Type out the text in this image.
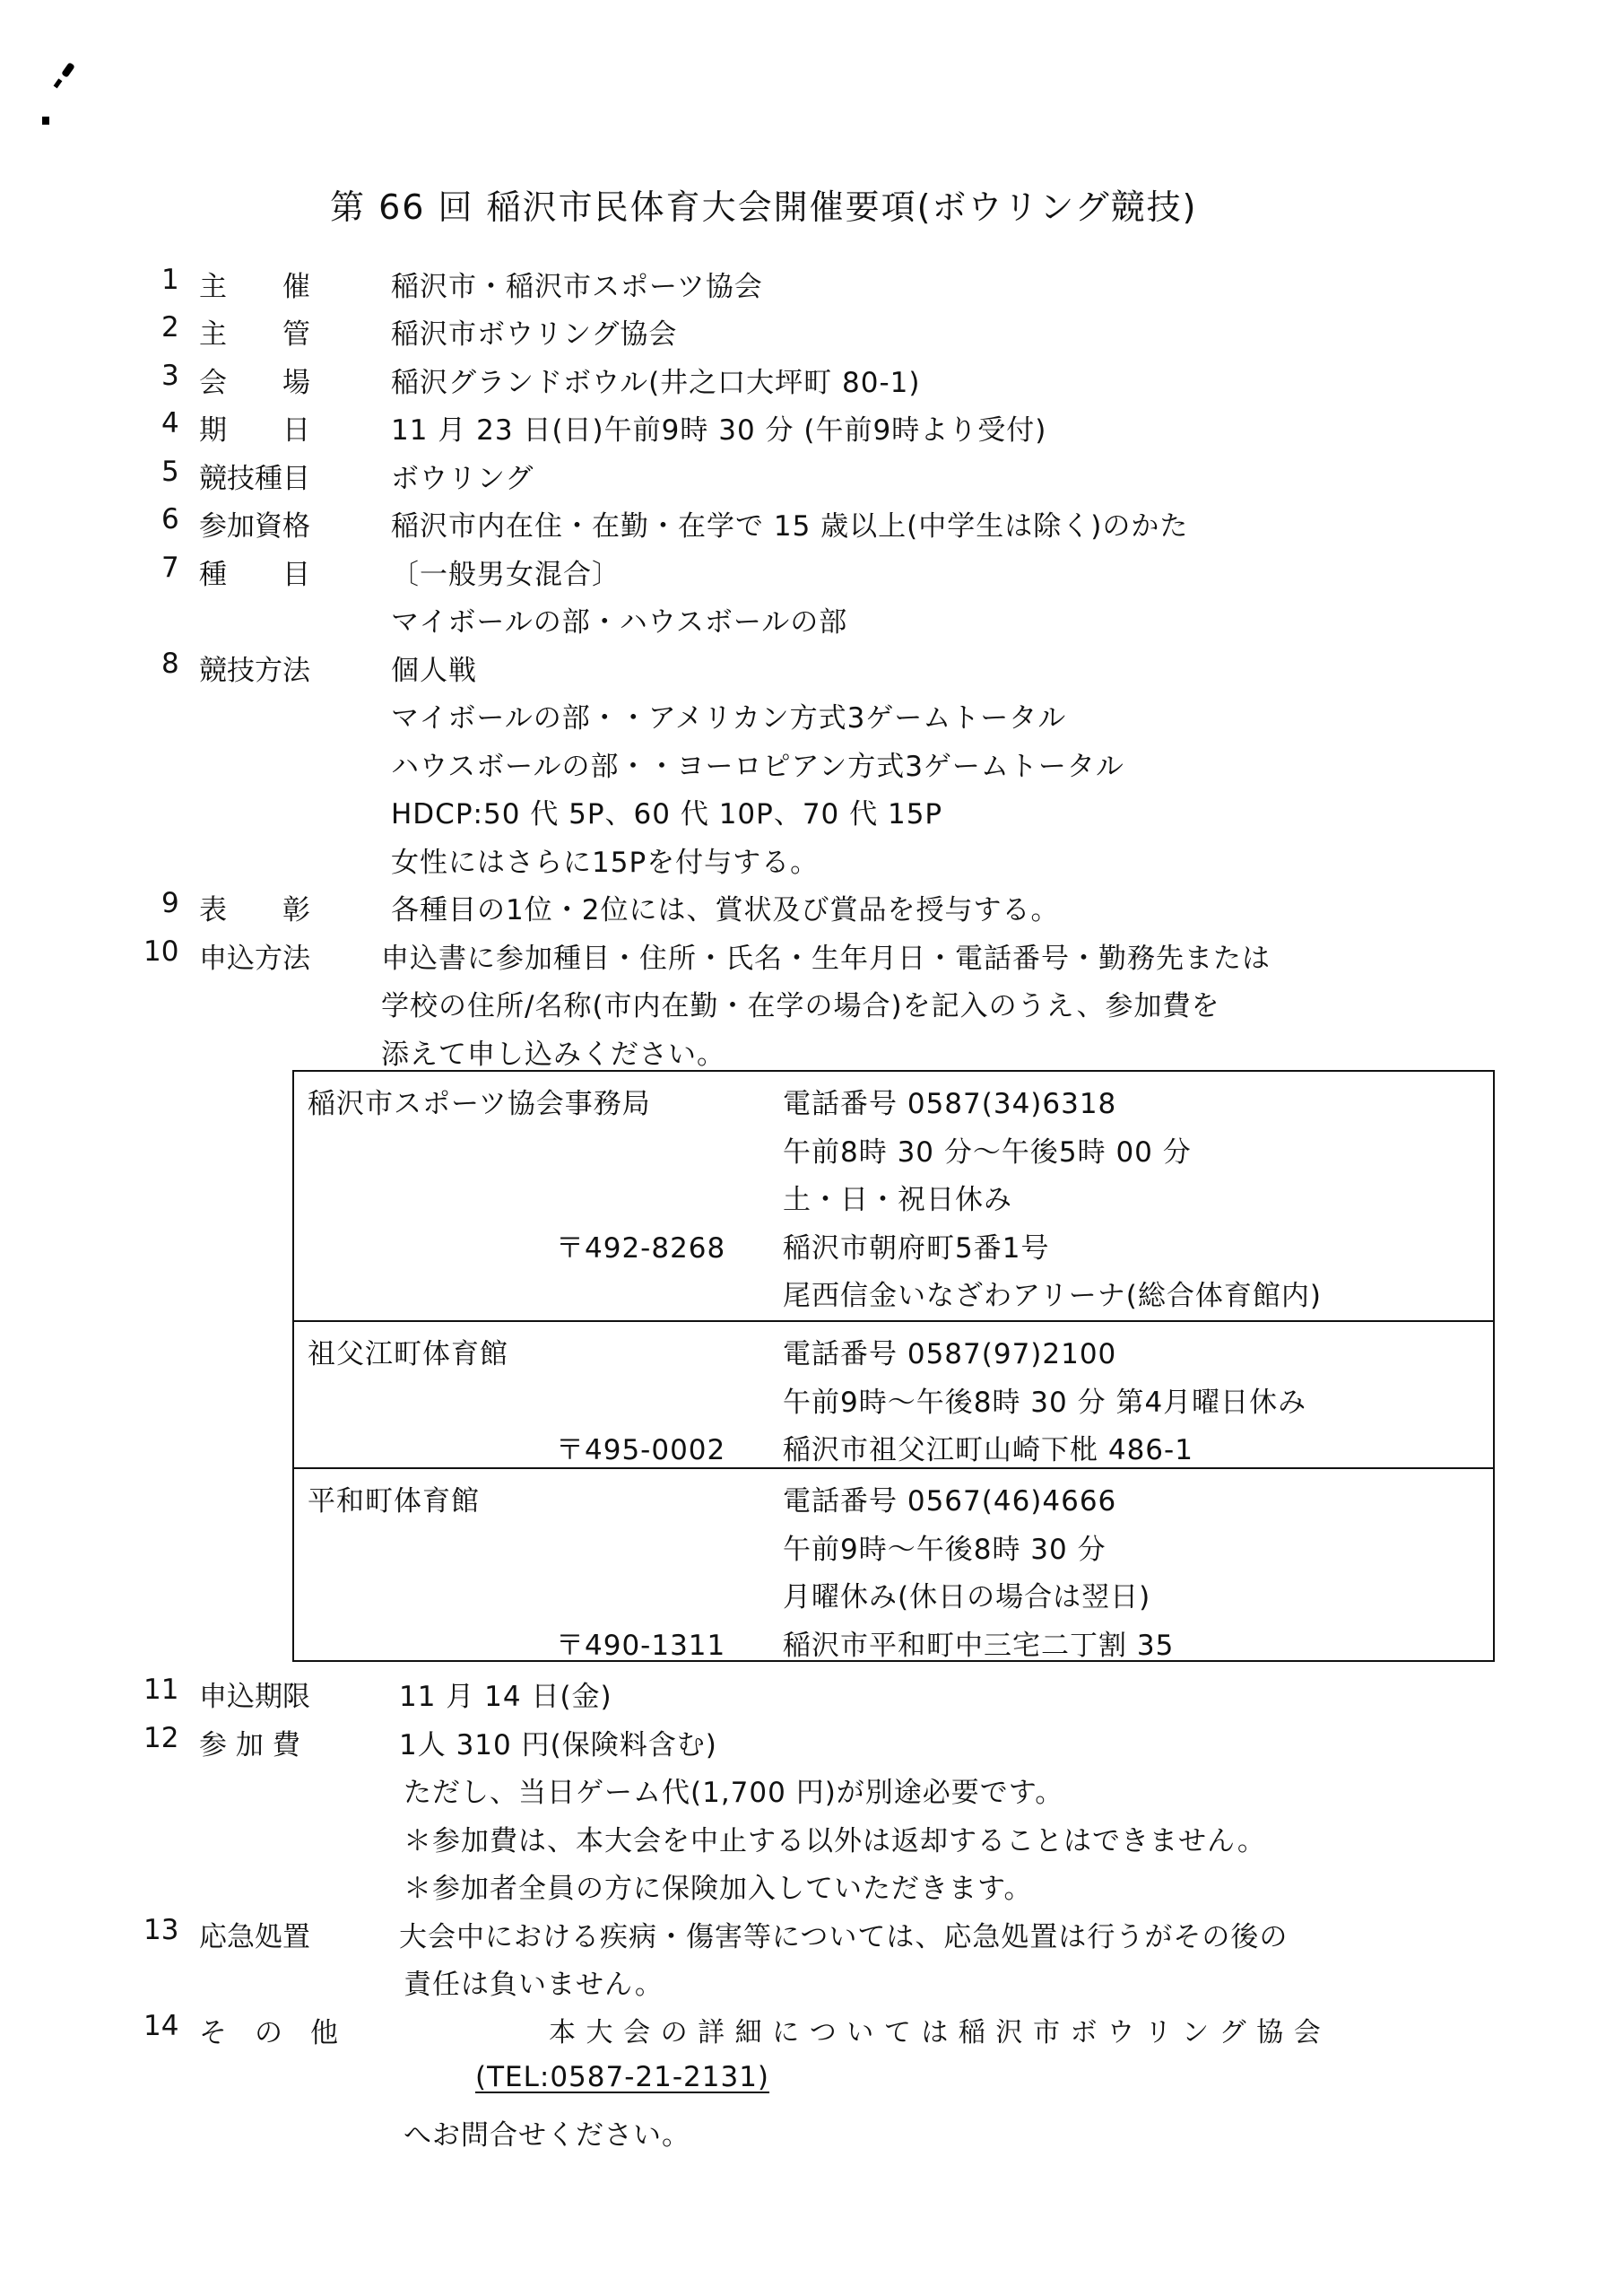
第 66 回 稲沢市民体育大会開催要項(ボウリング競技)
1 主　　催	稲沢市・稲沢市スポーツ協会
2 主　　管	稲沢市ボウリング協会
3 会　　場	稲沢グランドボウル(井之口大坪町 80-1)
4 期　　日	11 月 23 日(日)午前9時 30 分 (午前9時より受付)
5 競技種目	ボウリング
6 参加資格	稲沢市内在住・在勤・在学で 15 歳以上(中学生は除く)のかた
7 種　　目	〔一般男女混合〕
マイボールの部・ハウスボールの部
8 競技方法	個人戦
マイボールの部・・アメリカン方式3ゲームトータル
ハウスボールの部・・ヨーロピアン方式3ゲームトータル
HDCP:50 代 5P、60 代 10P、70 代 15P
女性にはさらに15Pを付与する。
9 表　　彰	各種目の1位・2位には、賞状及び賞品を授与する。
10 申込方法	申込書に参加種目・住所・氏名・生年月日・電話番号・勤務先または
学校の住所/名称(市内在勤・在学の場合)を記入のうえ、参加費を
添えて申し込みください。
稲沢市スポーツ協会事務局	電話番号 0587(34)6318
午前8時 30 分～午後5時 00 分
土・日・祝日休み
〒492-8268 稲沢市朝府町5番1号
尾西信金いなざわアリーナ(総合体育館内)
祖父江町体育館	電話番号 0587(97)2100
午前9時～午後8時 30 分 第4月曜日休み
〒495-0002 稲沢市祖父江町山崎下枇 486-1
平和町体育館	電話番号 0567(46)4666
午前9時～午後8時 30 分
月曜休み(休日の場合は翌日)
〒490-1311 稲沢市平和町中三宅二丁割 35
11 申込期限	11 月 14 日(金)
12 参 加 費	1人 310 円(保険料含む)
ただし、当日ゲーム代(1,700 円)が別途必要です。
＊参加費は、本大会を中止する以外は返却することはできません。
＊参加者全員の方に保険加入していただきます。
13 応急処置	大会中における疾病・傷害等については、応急処置は行うがその後の
責任は負いません。
14 そ　の　他	本 大 会 の 詳 細 に つ い て は 稲 沢 市 ボ ウ リ ン グ 協 会
(TEL:0587-21-2131)
へお問合せください。
